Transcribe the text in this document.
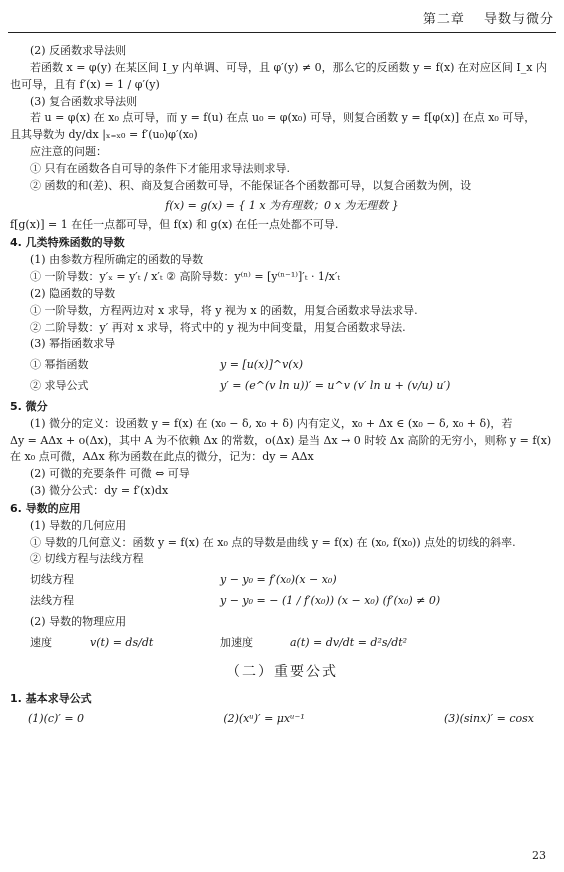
第二章 导数与微分
(2) 反函数求导法则
若函数 x = φ(y) 在某区间 I_y 内单调、可导，且 φ′(y) ≠ 0，那么它的反函数 y = f(x) 在对应区间 I_x 内
也可导，且有 f′(x) = 1 / φ′(y)
(3) 复合函数求导法则
若 u = φ(x) 在 x₀ 点可导，而 y = f(u) 在点 u₀ = φ(x₀) 可导，则复合函数 y = f[φ(x)] 在点 x₀ 可导，
且其导数为 dy/dx |ₓ₌ₓ₀ = f′(u₀)φ′(x₀)
应注意的问题：
① 只有在函数各自可导的条件下才能用求导法则求导.
② 函数的和(差)、积、商及复合函数可导，不能保证各个函数都可导，以复合函数为例，设
f(x) = g(x) = { 1 x 为有理数；0 x 为无理数 }
f[g(x)] = 1 在任一点都可导，但 f(x) 和 g(x) 在任一点处都不可导.
4. 几类特殊函数的导数
(1) 由参数方程所确定的函数的导数
① 一阶导数：y′ₓ = y′ₜ / x′ₜ ② 高阶导数：y⁽ⁿ⁾ = [y⁽ⁿ⁻¹⁾]′ₜ · 1/x′ₜ
(2) 隐函数的导数
① 一阶导数，方程两边对 x 求导，将 y 视为 x 的函数，用复合函数求导法求导.
② 二阶导数：y′ 再对 x 求导，将式中的 y 视为中间变量，用复合函数求导法.
(3) 幂指函数求导
① 幂指函数	y = [u(x)]^v(x)
② 求导公式	y′ = (e^(v ln u))′ = u^v (v′ ln u + (v/u) u′)
5. 微分
(1) 微分的定义：设函数 y = f(x) 在 (x₀ − δ, x₀ + δ) 内有定义，x₀ + Δx ∈ (x₀ − δ, x₀ + δ)，若
Δy = AΔx + o(Δx)，其中 A 为不依赖 Δx 的常数，o(Δx) 是当 Δx → 0 时较 Δx 高阶的无穷小，则称 y = f(x)
在 x₀ 点可微，AΔx 称为函数在此点的微分，记为：dy = AΔx
(2) 可微的充要条件 可微 ⇔ 可导
(3) 微分公式：dy = f′(x)dx
6. 导数的应用
(1) 导数的几何应用
① 导数的几何意义：函数 y = f(x) 在 x₀ 点的导数是曲线 y = f(x) 在 (x₀, f(x₀)) 点处的切线的斜率.
② 切线方程与法线方程
切线方程	y − y₀ = f′(x₀)(x − x₀)
法线方程	y − y₀ = − (1 / f′(x₀)) (x − x₀) (f′(x₀) ≠ 0)
(2) 导数的物理应用
速度	v(t) = ds/dt	加速度	a(t) = dv/dt = d²s/dt²
（二）重要公式
1. 基本求导公式
(1)(c)′ = 0	(2)(xᵘ)′ = μxᵘ⁻¹	(3)(sinx)′ = cosx
23
